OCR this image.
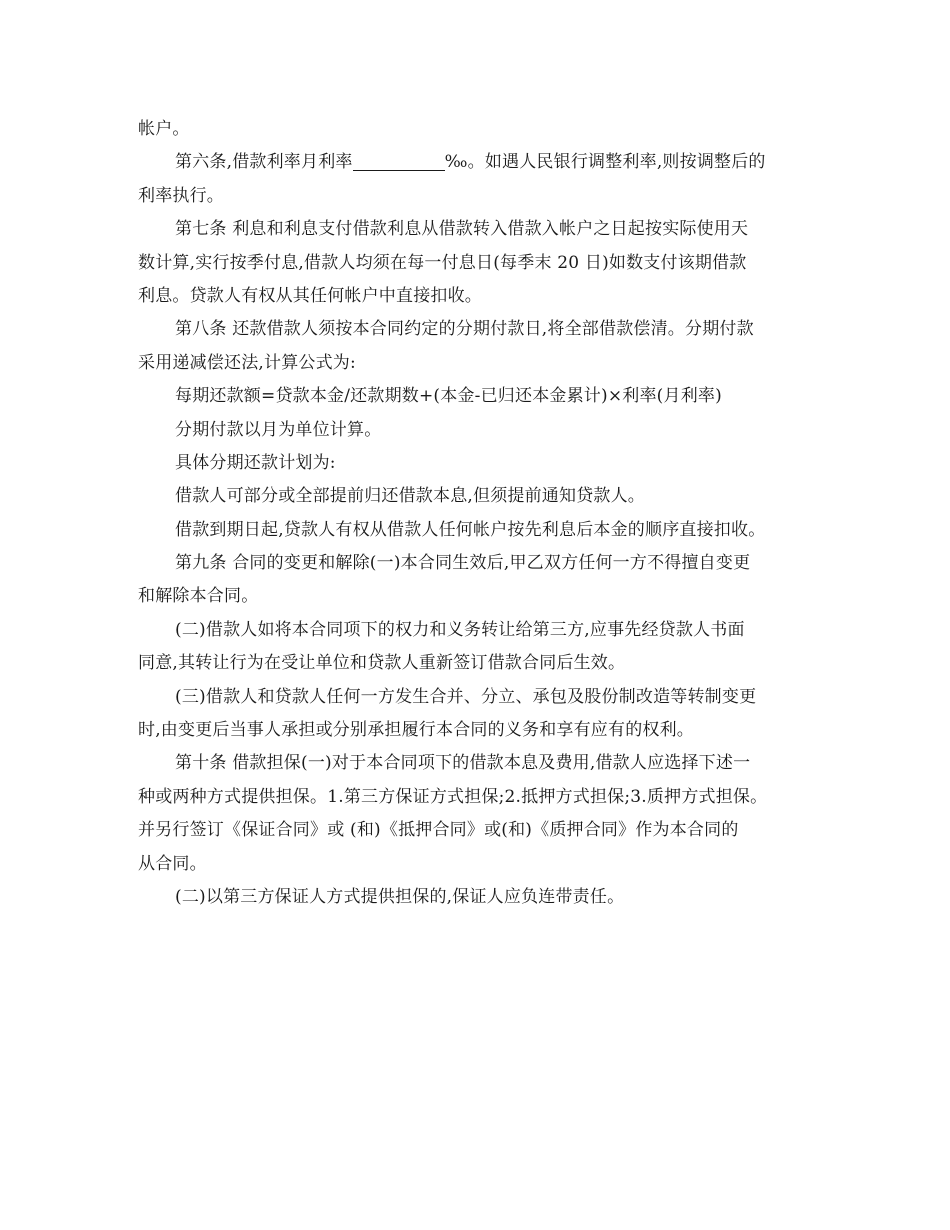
帐户。
第六条,借款利率月利率	‰。如遇人民银行调整利率,则按调整后的
利率执行。
第七条 利息和利息支付借款利息从借款转入借款入帐户之日起按实际使用天
数计算,实行按季付息,借款人均须在每一付息日(每季末 20 日)如数支付该期借款
利息。贷款人有权从其任何帐户中直接扣收。
第八条 还款借款人须按本合同约定的分期付款日,将全部借款偿清。分期付款
采用递减偿还法,计算公式为:
每期还款额=贷款本金/还款期数+(本金-已归还本金累计)×利率(月利率)
分期付款以月为单位计算。
具体分期还款计划为:
借款人可部分或全部提前归还借款本息,但须提前通知贷款人。
借款到期日起,贷款人有权从借款人任何帐户按先利息后本金的顺序直接扣收。
第九条 合同的变更和解除(一)本合同生效后,甲乙双方任何一方不得擅自变更
和解除本合同。
(二)借款人如将本合同项下的权力和义务转让给第三方,应事先经贷款人书面
同意,其转让行为在受让单位和贷款人重新签订借款合同后生效。
(三)借款人和贷款人任何一方发生合并、分立、承包及股份制改造等转制变更
时,由变更后当事人承担或分别承担履行本合同的义务和享有应有的权利。
第十条 借款担保(一)对于本合同项下的借款本息及费用,借款人应选择下述一
种或两种方式提供担保。1.第三方保证方式担保;2.抵押方式担保;3.质押方式担保。
并另行签订《保证合同》或 (和)《抵押合同》或(和)《质押合同》作为本合同的
从合同。
(二)以第三方保证人方式提供担保的,保证人应负连带责任。
